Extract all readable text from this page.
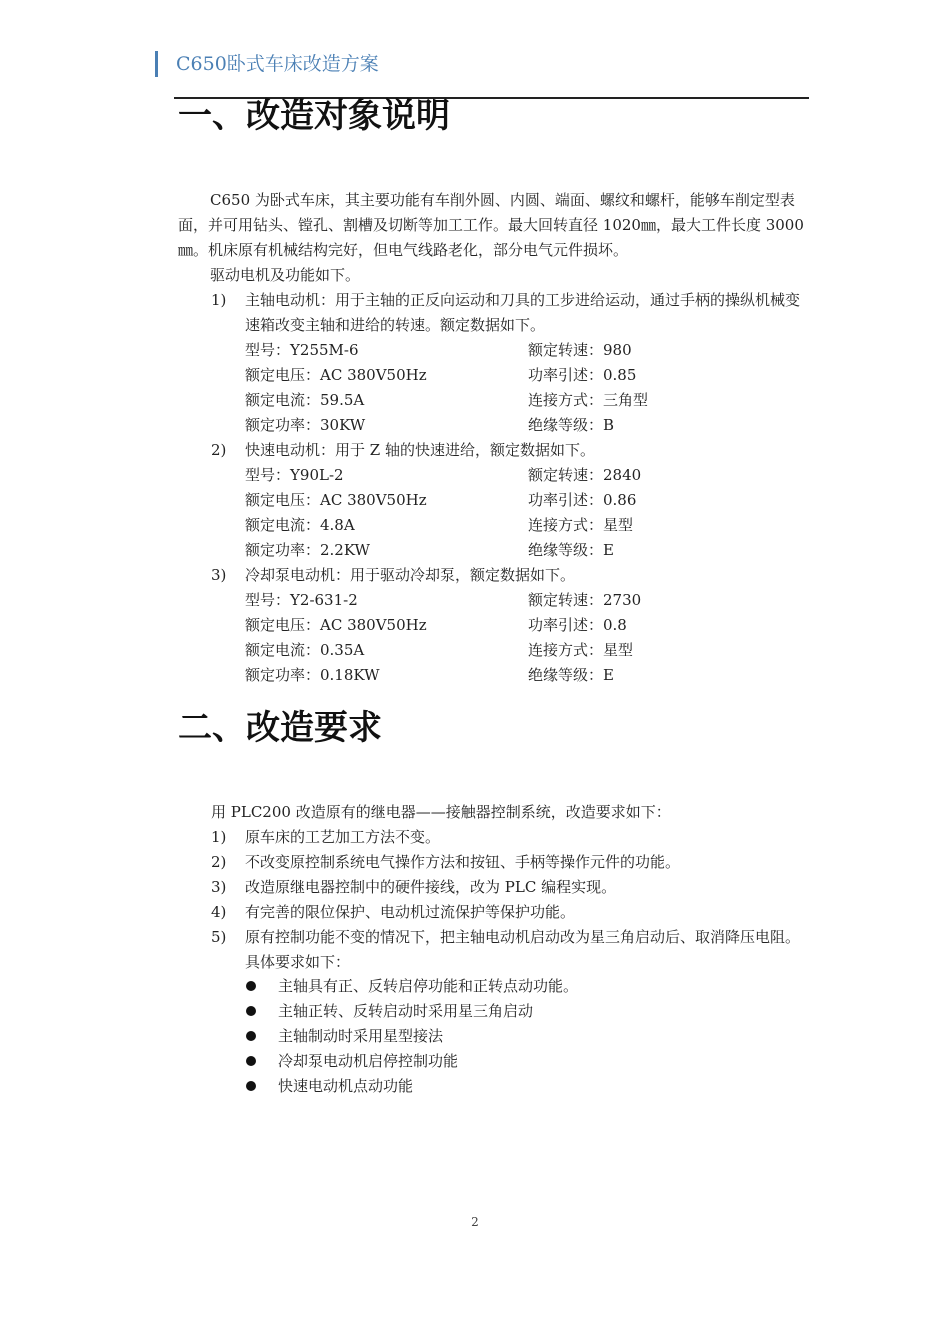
C650卧式车床改造方案
一、改造对象说明

C650 为卧式车床，其主要功能有车削外圆、内圆、端面、螺纹和螺杆，能够车削定型表面，并可用钻头、镗孔、割槽及切断等加工工作。最大回转直径 1020㎜，最大工件长度 3000㎜。机床原有机械结构完好，但电气线路老化，部分电气元件损坏。

驱动电机及功能如下。

1) 主轴电动机：用于主轴的正反向运动和刀具的工步进给运动，通过手柄的操纵机械变速箱改变主轴和进给的转速。额定数据如下。
型号：Y255M-6	额定转速：980
额定电压：AC 380V50Hz	功率引述：0.85
额定电流：59.5A	连接方式：三角型
额定功率：30KW	绝缘等级：B
2) 快速电动机：用于 Z 轴的快速进给，额定数据如下。
型号：Y90L-2	额定转速：2840
额定电压：AC 380V50Hz	功率引述：0.86
额定电流：4.8A	连接方式：星型
额定功率：2.2KW	绝缘等级：E
3) 冷却泵电动机：用于驱动冷却泵，额定数据如下。
型号：Y2-631-2	额定转速：2730
额定电压：AC 380V50Hz	功率引述：0.8
额定电流：0.35A	连接方式：星型
额定功率：0.18KW	绝缘等级：E
二、改造要求

用 PLC200 改造原有的继电器——接触器控制系统，改造要求如下：

1) 原车床的工艺加工方法不变。
2) 不改变原控制系统电气操作方法和按钮、手柄等操作元件的功能。
3) 改造原继电器控制中的硬件接线，改为 PLC 编程实现。
4) 有完善的限位保护、电动机过流保护等保护功能。
5) 原有控制功能不变的情况下，把主轴电动机启动改为星三角启动后、取消降压电阻。具体要求如下：
主轴具有正、反转启停功能和正转点动功能。
主轴正转、反转启动时采用星三角启动
主轴制动时采用星型接法
冷却泵电动机启停控制功能
快速电动机点动功能
2
